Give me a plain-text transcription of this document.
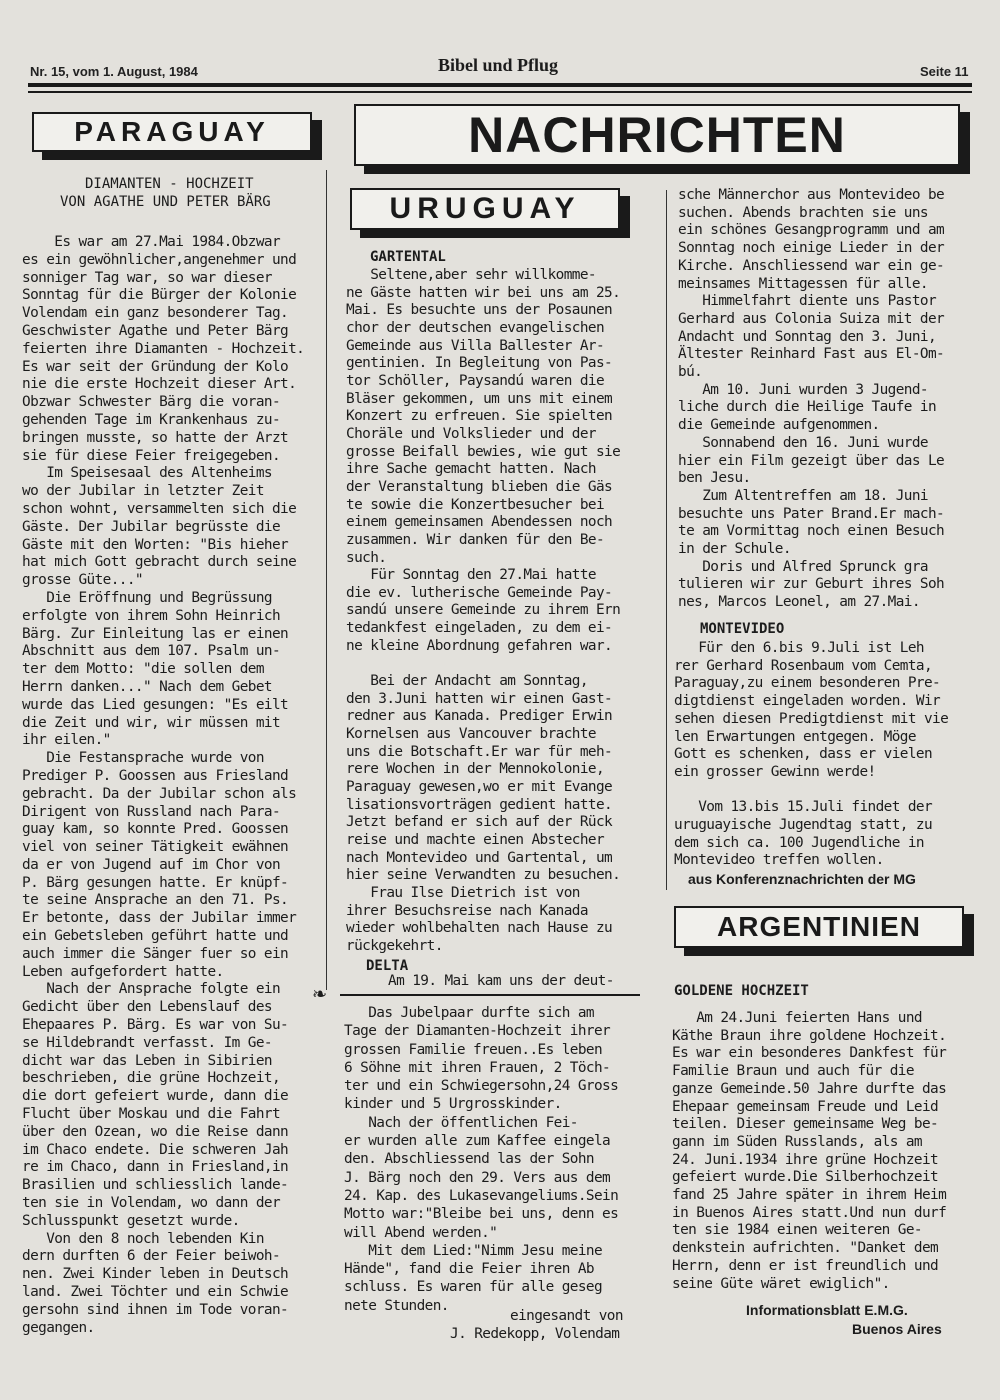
Nr. 15, vom 1. August, 1984	Bibel und Pflug	Seite 11
PARAGUAY	NACHRICHTEN
URUGUAY
ARGENTINIEN
❧
DIAMANTEN - HOCHZEIT
VON AGATHE UND PETER BÄRG
Es war am 27.Mai 1984.Obzwar
es ein gewöhnlicher,angenehmer und
sonniger Tag war, so war dieser
Sonntag für die Bürger der Kolonie
Volendam ein ganz besonderer Tag.
Geschwister Agathe und Peter Bärg
feierten ihre Diamanten - Hochzeit.
Es war seit der Gründung der Kolo
nie die erste Hochzeit dieser Art.
Obzwar Schwester Bärg die voran-
gehenden Tage im Krankenhaus zu-
bringen musste, so hatte der Arzt
sie für diese Feier freigegeben.
Im Speisesaal des Altenheims
wo der Jubilar in letzter Zeit
schon wohnt, versammelten sich die
Gäste. Der Jubilar begrüsste die
Gäste mit den Worten: "Bis hieher
hat mich Gott gebracht durch seine
grosse Güte..."
Die Eröffnung und Begrüssung
erfolgte von ihrem Sohn Heinrich
Bärg. Zur Einleitung las er einen
Abschnitt aus dem 107. Psalm un-
ter dem Motto: "die sollen dem
Herrn danken..." Nach dem Gebet
wurde das Lied gesungen: "Es eilt
die Zeit und wir, wir müssen mit
ihr eilen."
Die Festansprache wurde von
Prediger P. Goossen aus Friesland
gebracht. Da der Jubilar schon als
Dirigent von Russland nach Para-
guay kam, so konnte Pred. Goossen
viel von seiner Tätigkeit ewähnen
da er von Jugend auf im Chor von
P. Bärg gesungen hatte. Er knüpf-
te seine Ansprache an den 71. Ps.
Er betonte, dass der Jubilar immer
ein Gebetsleben geführt hatte und
auch immer die Sänger fuer so ein
Leben aufgefordert hatte.
Nach der Ansprache folgte ein
Gedicht über den Lebenslauf des
Ehepaares P. Bärg. Es war von Su-
se Hildebrandt verfasst. Im Ge-
dicht war das Leben in Sibirien
beschrieben, die grüne Hochzeit,
die dort gefeiert wurde, dann die
Flucht über Moskau und die Fahrt
über den Ozean, wo die Reise dann
im Chaco endete. Die schweren Jah
re im Chaco, dann in Friesland,in
Brasilien und schliesslich lande-
ten sie in Volendam, wo dann der
Schlusspunkt gesetzt wurde.
Von den 8 noch lebenden Kin
dern durften 6 der Feier beiwoh-
nen. Zwei Kinder leben in Deutsch
land. Zwei Töchter und ein Schwie
gersohn sind ihnen im Tode voran-
gegangen.
GARTENTAL
Seltene,aber sehr willkomme-
ne Gäste hatten wir bei uns am 25.
Mai. Es besuchte uns der Posaunen
chor der deutschen evangelischen
Gemeinde aus Villa Ballester Ar-
gentinien. In Begleitung von Pas-
tor Schöller, Paysandú waren die
Bläser gekommen, um uns mit einem
Konzert zu erfreuen. Sie spielten
Choräle und Volkslieder und der
grosse Beifall bewies, wie gut sie
ihre Sache gemacht hatten. Nach
der Veranstaltung blieben die Gäs
te sowie die Konzertbesucher bei
einem gemeinsamen Abendessen noch
zusammen. Wir danken für den Be-
such.
Für Sonntag den 27.Mai hatte
die ev. lutherische Gemeinde Pay-
sandú unsere Gemeinde zu ihrem Ern
tedankfest eingeladen, zu dem ei-
ne kleine Abordnung gefahren war.

Bei der Andacht am Sonntag,
den 3.Juni hatten wir einen Gast-
redner aus Kanada. Prediger Erwin
Kornelsen aus Vancouver brachte
uns die Botschaft.Er war für meh-
rere Wochen in der Mennokolonie,
Paraguay gewesen,wo er mit Evange
lisationsvorträgen gedient hatte.
Jetzt befand er sich auf der Rück
reise und machte einen Abstecher
nach Montevideo und Gartental, um
hier seine Verwandten zu besuchen.
Frau Ilse Dietrich ist von
ihrer Besuchsreise nach Kanada
wieder wohlbehalten nach Hause zu
rückgekehrt.
DELTA
Am 19. Mai kam uns der deut-
sche Männerchor aus Montevideo be
suchen. Abends brachten sie uns
ein schönes Gesangprogramm und am
Sonntag noch einige Lieder in der
Kirche. Anschliessend war ein ge-
meinsames Mittagessen für alle.
Himmelfahrt diente uns Pastor
Gerhard aus Colonia Suiza mit der
Andacht und Sonntag den 3. Juni,
Ältester Reinhard Fast aus El-Om-
bú.
Am 10. Juni wurden 3 Jugend-
liche durch die Heilige Taufe in
die Gemeinde aufgenommen.
Sonnabend den 16. Juni wurde
hier ein Film gezeigt über das Le
ben Jesu.
Zum Altentreffen am 18. Juni
besuchte uns Pater Brand.Er mach-
te am Vormittag noch einen Besuch
in der Schule.
Doris und Alfred Sprunck gra
tulieren wir zur Geburt ihres Soh
nes, Marcos Leonel, am 27.Mai.
MONTEVIDEO
Für den 6.bis 9.Juli ist Leh
rer Gerhard Rosenbaum vom Cemta,
Paraguay,zu einem besonderen Pre-
digtdienst eingeladen worden. Wir
sehen diesen Predigtdienst mit vie
len Erwartungen entgegen. Möge
Gott es schenken, dass er vielen
ein grosser Gewinn werde!

Vom 13.bis 15.Juli findet der
uruguayische Jugendtag statt, zu
dem sich ca. 100 Jugendliche in
Montevideo treffen wollen.
aus Konferenznachrichten der MG
Das Jubelpaar durfte sich am
Tage der Diamanten-Hochzeit ihrer
grossen Familie freuen..Es leben
6 Söhne mit ihren Frauen, 2 Töch-
ter und ein Schwiegersohn,24 Gross
kinder und 5 Urgrosskinder.
Nach der öffentlichen Fei-
er wurden alle zum Kaffee eingela
den. Abschliessend las der Sohn
J. Bärg noch den 29. Vers aus dem
24. Kap. des Lukasevangeliums.Sein
Motto war:"Bleibe bei uns, denn es
will Abend werden."
Mit dem Lied:"Nimm Jesu meine
Hände", fand die Feier ihren Ab
schluss. Es waren für alle geseg
nete Stunden.
eingesandt von
J. Redekopp, Volendam
GOLDENE HOCHZEIT
Am 24.Juni feierten Hans und
Käthe Braun ihre goldene Hochzeit.
Es war ein besonderes Dankfest für
Familie Braun und auch für die
ganze Gemeinde.50 Jahre durfte das
Ehepaar gemeinsam Freude und Leid
teilen. Dieser gemeinsame Weg be-
gann im Süden Russlands, als am
24. Juni.1934 ihre grüne Hochzeit
gefeiert wurde.Die Silberhochzeit
fand 25 Jahre später in ihrem Heim
in Buenos Aires statt.Und nun durf
ten sie 1984 einen weiteren Ge-
denkstein aufrichten. "Danket dem
Herrn, denn er ist freundlich und
seine Güte wäret ewiglich".
Informationsblatt E.M.G.
Buenos Aires
